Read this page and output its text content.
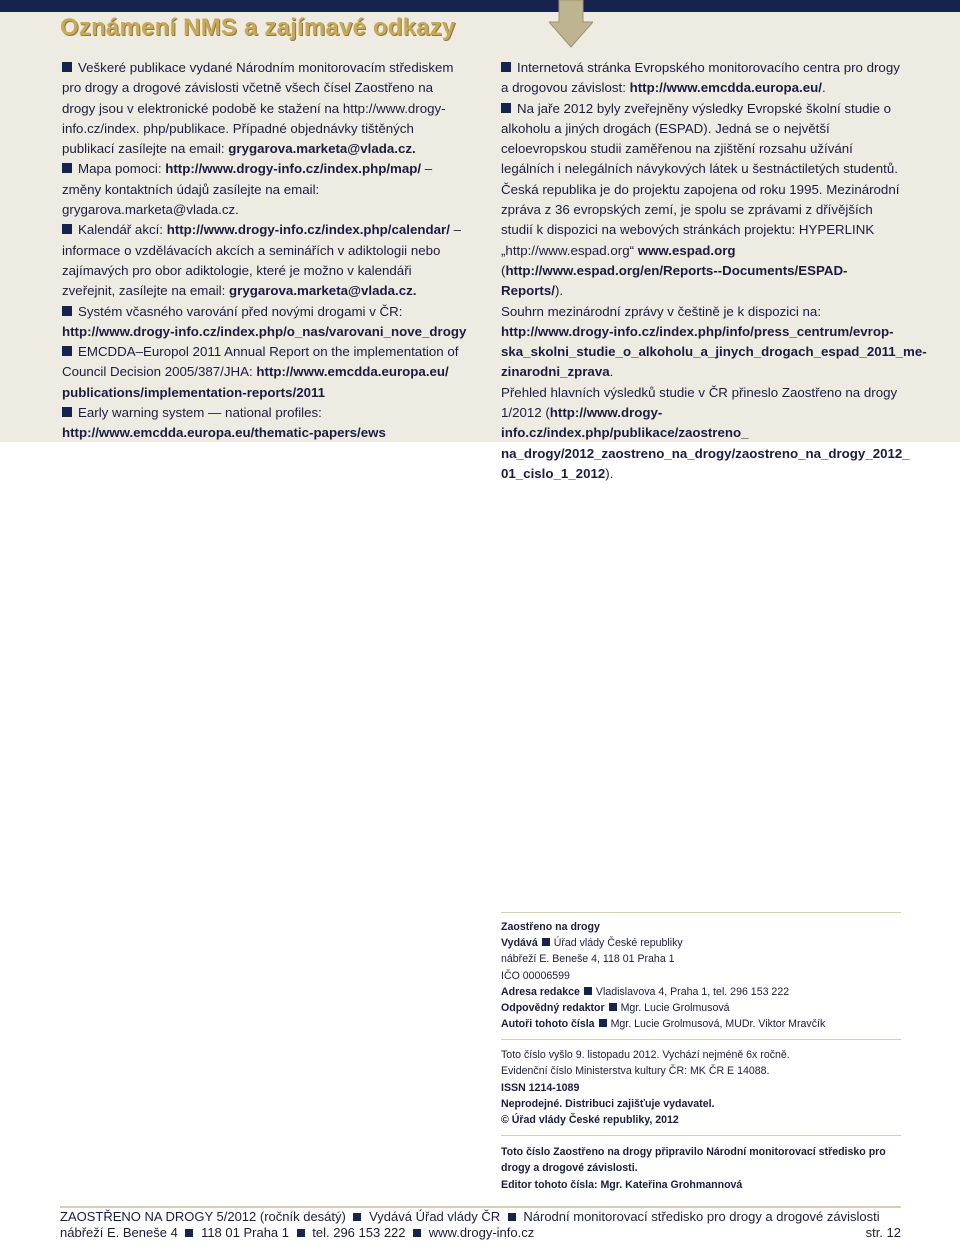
Oznámení NMS a zajímavé odkazy

Veškeré publikace vydané Národním monitorovacím střediskem pro drogy a drogové závislosti včetně všech čísel Zaostřeno na drogy jsou v elektronické podobě ke stažení na http://www.drogy-info.cz/index. php/publikace. Případné objednávky tištěných publikací zasílejte na email: grygarova.marketa@vlada.cz.

Mapa pomoci: http://www.drogy-info.cz/index.php/map/ – změny kontaktních údajů zasílejte na email: grygarova.marketa@vlada.cz.

Kalendář akcí: http://www.drogy-info.cz/index.php/calendar/ – informace o vzdělávacích akcích a seminářích v adiktologii nebo zajímavých pro obor adiktologie, které je možno v kalendáři zveřejnit, zasílejte na email: grygarova.marketa@vlada.cz.

Systém včasného varování před novými drogami v ČR: http://www.drogy-info.cz/index.php/o_nas/varovani_nove_drogy

EMCDDA–Europol 2011 Annual Report on the implementation of Council Decision 2005/387/JHA: http://www.emcdda.europa.eu/ publications/implementation-reports/2011

Early warning system — national profiles: http://www.emcdda.europa.eu/thematic-papers/ews

Internetová stránka Evropského monitorovacího centra pro drogy a drogovou závislost: http://www.emcdda.europa.eu/.

Na jaře 2012 byly zveřejněny výsledky Evropské školní studie o alkoholu a jiných drogách (ESPAD). Jedná se o největší celoevropskou studii zaměřenou na zjištění rozsahu užívání legálních i nelegálních návykových látek u šestnáctiletých studentů. Česká republika je do projektu zapojena od roku 1995. Mezinárodní zpráva z 36 evropských zemí, je spolu se zprávami z dřívějších studií k dispozici na webových stránkách projektu: HYPERLINK „http://www.espad.org“ www.espad.org (http://www.espad.org/en/Reports--Documents/ESPAD-Reports/).

Souhrn mezinárodní zprávy v češtině je k dispozici na: http://www.drogy-info.cz/index.php/info/press_centrum/evrop-ska_skolni_studie_o_alkoholu_a_jinych_drogach_espad_2011_me-zinarodni_zprava.

Přehled hlavních výsledků studie v ČR přineslo Zaostřeno na drogy 1/2012 (http://www.drogy-info.cz/index.php/publikace/zaostreno_ na_drogy/2012_zaostreno_na_drogy/zaostreno_na_drogy_2012_ 01_cislo_1_2012).

Zaostřeno na drogy

Vydává Úřad vlády České republiky

nábřeží E. Beneše 4, 118 01 Praha 1

IČO 00006599

Adresa redakce Vladislavova 4, Praha 1, tel. 296 153 222

Odpovědný redaktor Mgr. Lucie Grolmusová

Autoři tohoto čísla Mgr. Lucie Grolmusová, MUDr. Viktor Mravčík

Toto číslo vyšlo 9. listopadu 2012. Vychází nejméně 6x ročně.

Evidenční číslo Ministerstva kultury ČR: MK ČR E 14088.

ISSN 1214-1089

Neprodejné. Distribuci zajišťuje vydavatel.

© Úřad vlády České republiky, 2012

Toto číslo Zaostřeno na drogy připravilo Národní monitorovací středisko pro drogy a drogové závislosti.

Editor tohoto čísla: Mgr. Kateřina Grohmannová

ZAOSTŘENO NA DROGY 5/2012 (ročník desátý) Vydává Úřad vlády ČR Národní monitorovací středisko pro drogy a drogové závislosti

nábřeží E. Beneše 4 118 01 Praha 1 tel. 296 153 222 www.drogy-info.cz	str. 12
